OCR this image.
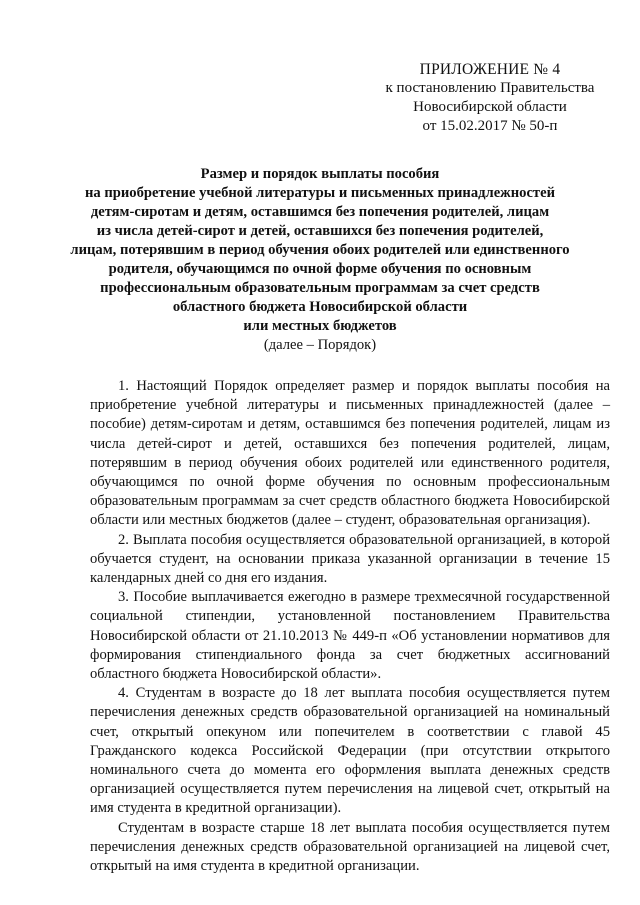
ПРИЛОЖЕНИЕ № 4
к постановлению Правительства
Новосибирской области
от 15.02.2017 № 50-п
Размер и порядок выплаты пособия
на приобретение учебной литературы и письменных принадлежностей
детям-сиротам и детям, оставшимся без попечения родителей, лицам
из числа детей-сирот и детей, оставшихся без попечения родителей,
лицам, потерявшим в период обучения обоих родителей или единственного
родителя, обучающимся по очной форме обучения по основным
профессиональным образовательным программам за счет средств
областного бюджета Новосибирской области
или местных бюджетов
(далее – Порядок)

1. Настоящий Порядок определяет размер и порядок выплаты пособия на приобретение учебной литературы и письменных принадлежностей (далее – пособие) детям-сиротам и детям, оставшимся без попечения родителей, лицам из числа детей-сирот и детей, оставшихся без попечения родителей, лицам, потерявшим в период обучения обоих родителей или единственного родителя, обучающимся по очной форме обучения по основным профессиональным образовательным программам за счет средств областного бюджета Новосибирской области или местных бюджетов (далее – студент, образовательная организация).

2. Выплата пособия осуществляется образовательной организацией, в которой обучается студент, на основании приказа указанной организации в течение 15 календарных дней со дня его издания.

3. Пособие выплачивается ежегодно в размере трехмесячной государственной социальной стипендии, установленной постановлением Правительства Новосибирской области от 21.10.2013 № 449-п «Об установлении нормативов для формирования стипендиального фонда за счет бюджетных ассигнований областного бюджета Новосибирской области».

4. Студентам в возрасте до 18 лет выплата пособия осуществляется путем перечисления денежных средств образовательной организацией на номинальный счет, открытый опекуном или попечителем в соответствии с главой 45 Гражданского кодекса Российской Федерации (при отсутствии открытого номинального счета до момента его оформления выплата денежных средств организацией осуществляется путем перечисления на лицевой счет, открытый на имя студента в кредитной организации).

Студентам в возрасте старше 18 лет выплата пособия осуществляется путем перечисления денежных средств образовательной организацией на лицевой счет, открытый на имя студента в кредитной организации.
